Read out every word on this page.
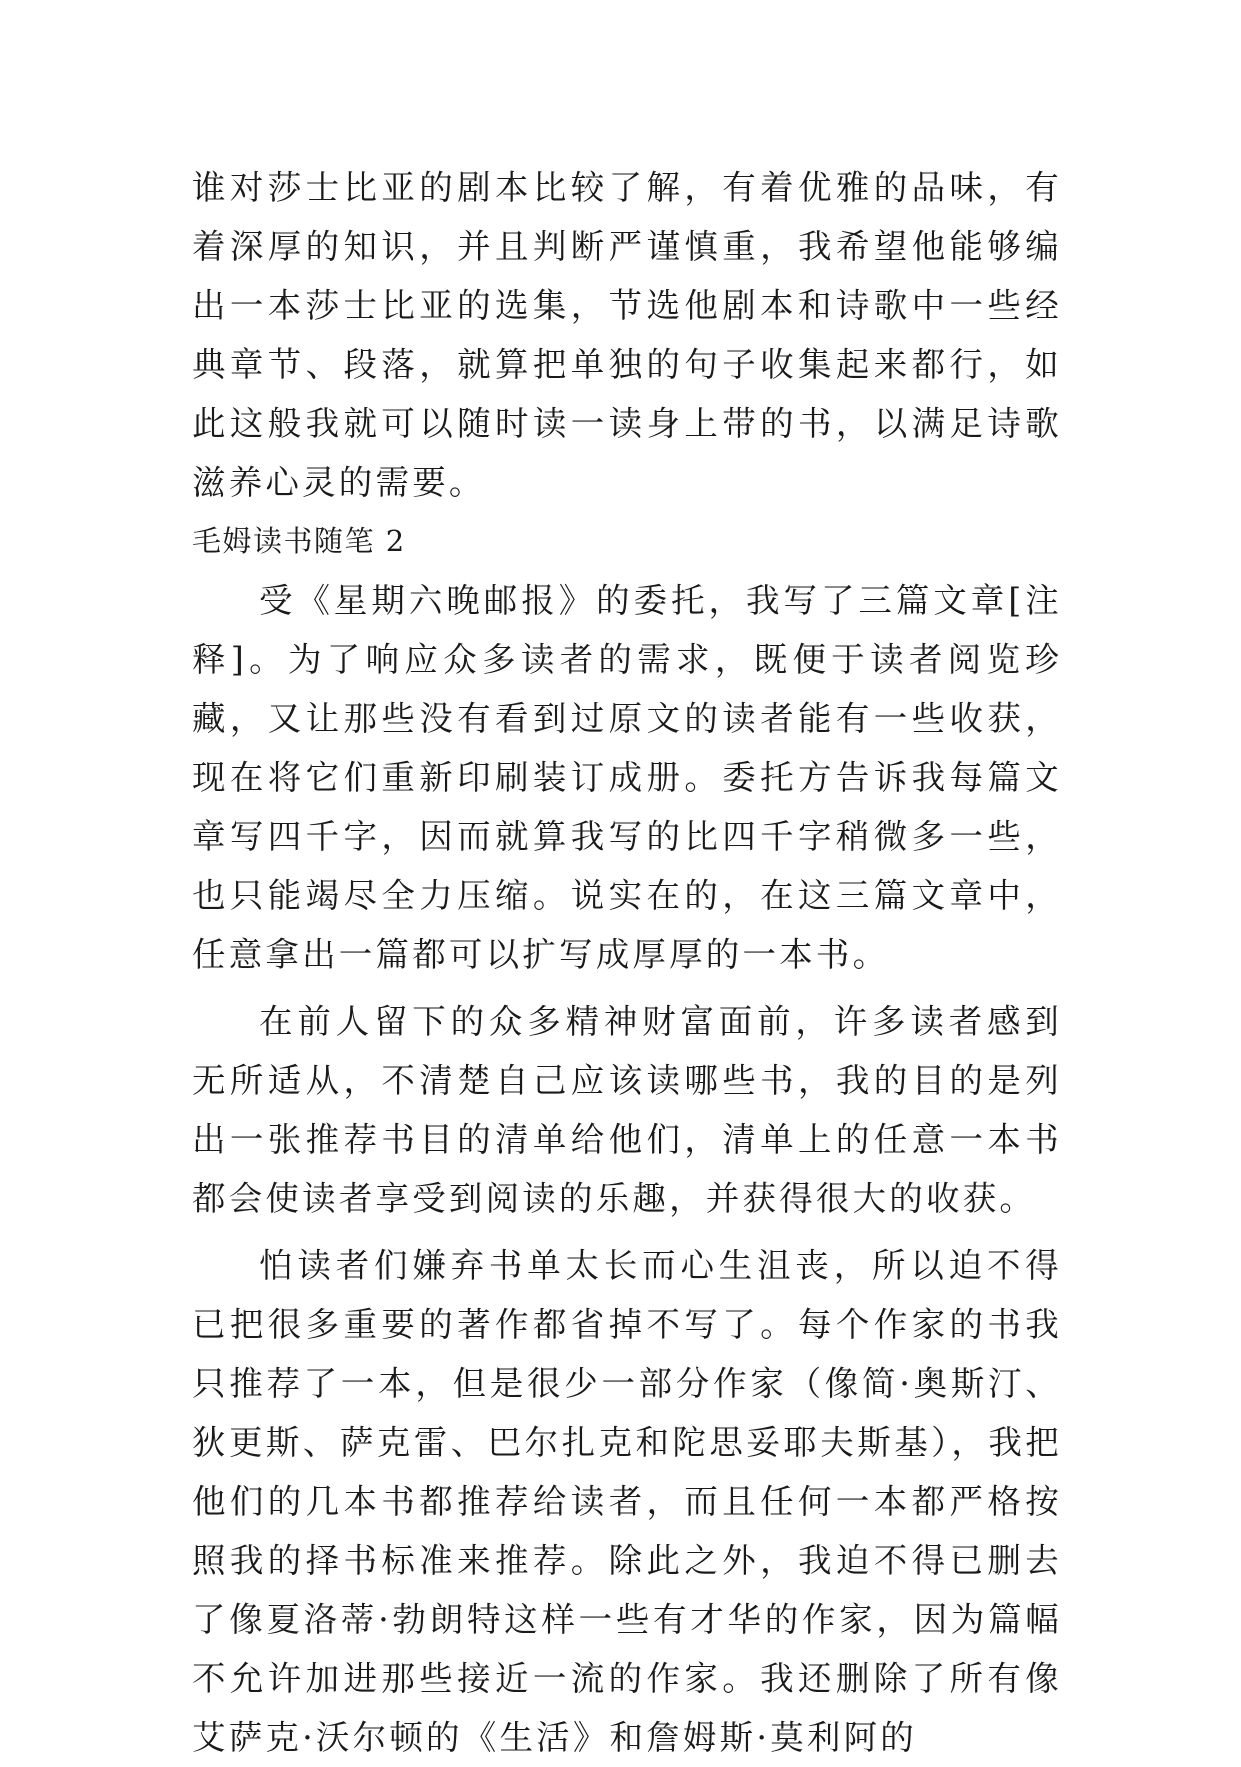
谁对莎士比亚的剧本比较了解，有着优雅的品味，有着深厚的知识，并且判断严谨慎重，我希望他能够编出一本莎士比亚的选集，节选他剧本和诗歌中一些经典章节、段落，就算把单独的句子收集起来都行，如此这般我就可以随时读一读身上带的书，以满足诗歌滋养心灵的需要。

毛姆读书随笔 2

受《星期六晚邮报》的委托，我写了三篇文章[注释]。为了响应众多读者的需求，既便于读者阅览珍藏，又让那些没有看到过原文的读者能有一些收获，现在将它们重新印刷装订成册。委托方告诉我每篇文章写四千字，因而就算我写的比四千字稍微多一些，也只能竭尽全力压缩。说实在的，在这三篇文章中，任意拿出一篇都可以扩写成厚厚的一本书。

在前人留下的众多精神财富面前，许多读者感到无所适从，不清楚自己应该读哪些书，我的目的是列出一张推荐书目的清单给他们，清单上的任意一本书都会使读者享受到阅读的乐趣，并获得很大的收获。

怕读者们嫌弃书单太长而心生沮丧，所以迫不得已把很多重要的著作都省掉不写了。每个作家的书我只推荐了一本，但是很少一部分作家（像简·奥斯汀、狄更斯、萨克雷、巴尔扎克和陀思妥耶夫斯基），我把他们的几本书都推荐给读者，而且任何一本都严格按照我的择书标准来推荐。除此之外，我迫不得已删去了像夏洛蒂·勃朗特这样一些有才华的作家，因为篇幅不允许加进那些接近一流的作家。我还删除了所有像艾萨克·沃尔顿的《生活》和詹姆斯·莫利阿的
